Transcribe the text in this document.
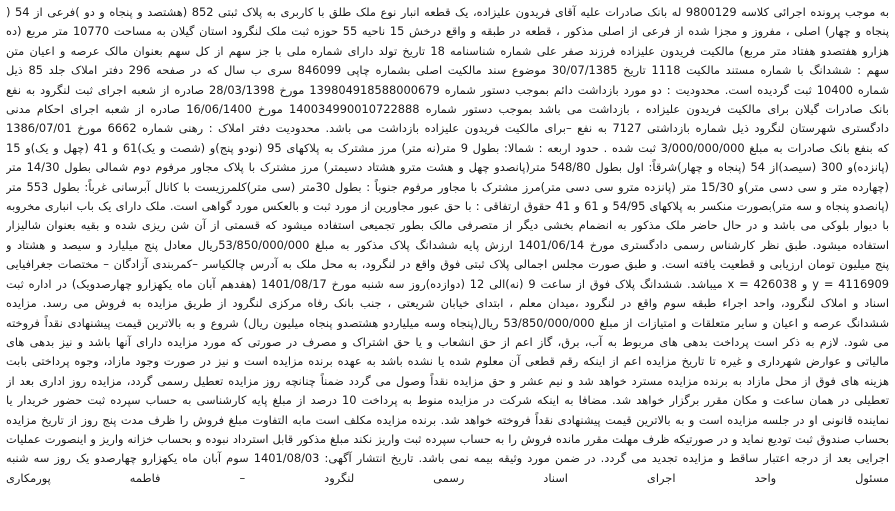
به موجب پرونده اجرائی کلاسه 9800129 له بانک صادرات علیه آقای فریدون علیزاده، یک قطعه انبار نوع ملک طلق با کاربری به پلاک ثبتی 852 (هشتصد و پنجاه و دو )فرعی از 54 (
پنجاه و چهار) اصلی ، مفروز و مجزا شده از فرعی از اصلی مذکور ، قطعه در طبقه و واقع درخش 15 ناحیه 55 حوزه ثبت ملک لنگرود استان گیلان به مساحت 10770 متر مربع (ده
هزارو هفتصدو هفتاد متر مربع) مالکیت فریدون علیزاده فرزند صفر علی شماره شناسنامه 18 تاریخ تولد دارای شماره ملی با جز سهم از کل سهم بعنوان مالک عرصه و اعیان متن
سهم : ششدانگ با شماره مستند مالکیت 1118 تاریخ 30/07/1385 موضوع سند مالکیت اصلی بشماره چاپی 846099 سری ب سال که در صفحه 296 دفتر املاک جلد 85 ذیل
شماره 10400 ثبت گردیده است. محدودیت : دو مورد بازداشت دائم بموجب دستور شماره 139804918588000679 مورخ 28/03/1398 صادره از شعبه اجرای ثبت لنگرود به نفع
بانک صادرات گیلان برای مالکیت فریدون علیزاده ، بازداشت می باشد بموجب دستور شماره 140034990010722888 مورخ 16/06/1400 صادره از شعبه اجرای احکام مدنی
دادگستری شهرستان لنگرود ذیل شماره بازداشتی 7127 به نفع –برای مالکیت فریدون علیزاده بازداشت می باشد. محدودیت دفتر املاک : رهنی شماره 6662 مورخ 1386/07/01
که بنفع بانک صادرات به مبلغ 3/000/000/000 ثبت شده . حدود اربعه : شمالا: بطول 9 متر(نه متر) مرز مشترک به پلاکهای 95 (نودو پنج)و (شصت و یک)61 و 41 (چهل و یک)و 15
(پانزده)و 300 (سیصد)از 54 (پنجاه و چهار)شرقاً: اول بطول 548/80 متر(پانصدو چهل و هشت مترو هشتاد دسیمتر) مرز مشترک با پلاک مجاور مرفوم دوم شمالی بطول 14/30 متر
(چهارده متر و سی دسی متر)و 15/30 متر (پانزده مترو سی دسی متر)مرز مشترک با مجاور مرفوم جنوباً : بطول 30متر (سی متر)کلمرزیست با کانال آبرسانی غرباً: بطول 553 متر
(پانصدو پنجاه و سه متر)بصورت منکسر به پلاکهای 54/95 و 61 و 41 حقوق ارتفاقی : با حق عبور مجاورین از مورد ثبت و بالعکس مورد گواهی است. ملک دارای یک باب انباری مخروبه
با دیوار بلوکی می باشد و در حال حاضر ملک مذکور به انضمام بخشی دیگر از متصرفی مالک بطور تجمیعی استفاده میشود که قسمتی از آن شن ریزی شده و بقیه بعنوان شالیزار
استفاده میشود. طبق نظر کارشناس رسمی دادگستری مورخ 1401/06/14 ارزش پایه ششدانگ پلاک مذکور به مبلغ 53/850/000/000ریال معادل پنج میلیارد و سیصد و هشتاد و
پنج میلیون تومان ارزیابی و قطعیت یافته است. و طبق صورت مجلس اجمالی پلاک ثبتی فوق واقع در لنگرود، به محل ملک به آدرس چالکیاسر –کمربندی آزادگان – مختصات جغرافیایی
y = 4116909 و x = 426038 میباشد. ششدانگ پلاک فوق از ساعت 9 (نه)الی 12 (دوازده)روز سه شنبه مورخ 1401/08/17 (هفدهم آبان ماه یکهزارو چهارصدویک) در اداره ثبت
اسناد و املاک لنگرود، واحد اجراء طبقه سوم واقع در لنگرود ،میدان معلم ، ابتدای خیابان شریعتی ، جنب بانک رفاه مرکزی لنگرود از طریق مزایده به فروش می رسد. مزایده
ششدانگ عرصه و اعیان و سایر متعلقات و امتیازات از مبلغ 53/850/000/000 ریال(پنجاه وسه میلیاردو هشتصدو پنجاه میلیون ریال) شروع و به بالاترین قیمت پیشنهادی نقداً فروخته
می شود. لازم به ذکر است پرداخت بدهی های مربوط به آب، برق، گاز اعم از حق انشعاب و یا حق اشتراک و مصرف در صورتی که مورد مزایده دارای آنها باشد و نیز بدهی های
مالیاتی و عوارض شهرداری و غیره تا تاریخ مزایده اعم از اینکه رقم قطعی آن معلوم شده یا نشده باشد به عهده برنده مزایده است و نیز در صورت وجود مازاد، وجوه پرداختی بابت
هزینه های فوق از محل مازاد به برنده مزایده مسترد خواهد شد و نیم عشر و حق مزایده نقداً وصول می گردد ضمناً چنانچه روز مزایده تعطیل رسمی گردد، مزایده روز اداری بعد از
تعطیلی در همان ساعت و مکان مقرر برگزار خواهد شد. مضافا به اینکه شرکت در مزایده منوط به پرداخت 10 درصد از مبلغ پایه کارشناسی به حساب سپرده ثبت حضور خریدار یا
نماینده قانونی او در جلسه مزایده است و به بالاترین قیمت پیشنهادی نقداً فروخته خواهد شد. برنده مزایده مکلف است مابه التفاوت مبلغ فروش را ظرف مدت پنج روز از تاریخ مزایده
بحساب صندوق ثبت تودیع نماید و در صورتیکه ظرف مهلت مقرر مانده فروش را به حساب سپرده ثبت واریز نکند مبلغ مذکور قابل استرداد نبوده و بحساب خزانه واریز و اینصورت عملیات
اجرایی بعد از درجه اعتبار ساقط و مزایده تجدید می گردد. در ضمن مورد وثیقه بیمه نمی باشد. تاریخ انتشار آگهی: 1401/08/03 سوم آبان ماه یکهزارو چهارصدو یک روز سه شنبه
مسئول واحد اجرای اسناد رسمی لنگرود – فاطمه پورمکاری
